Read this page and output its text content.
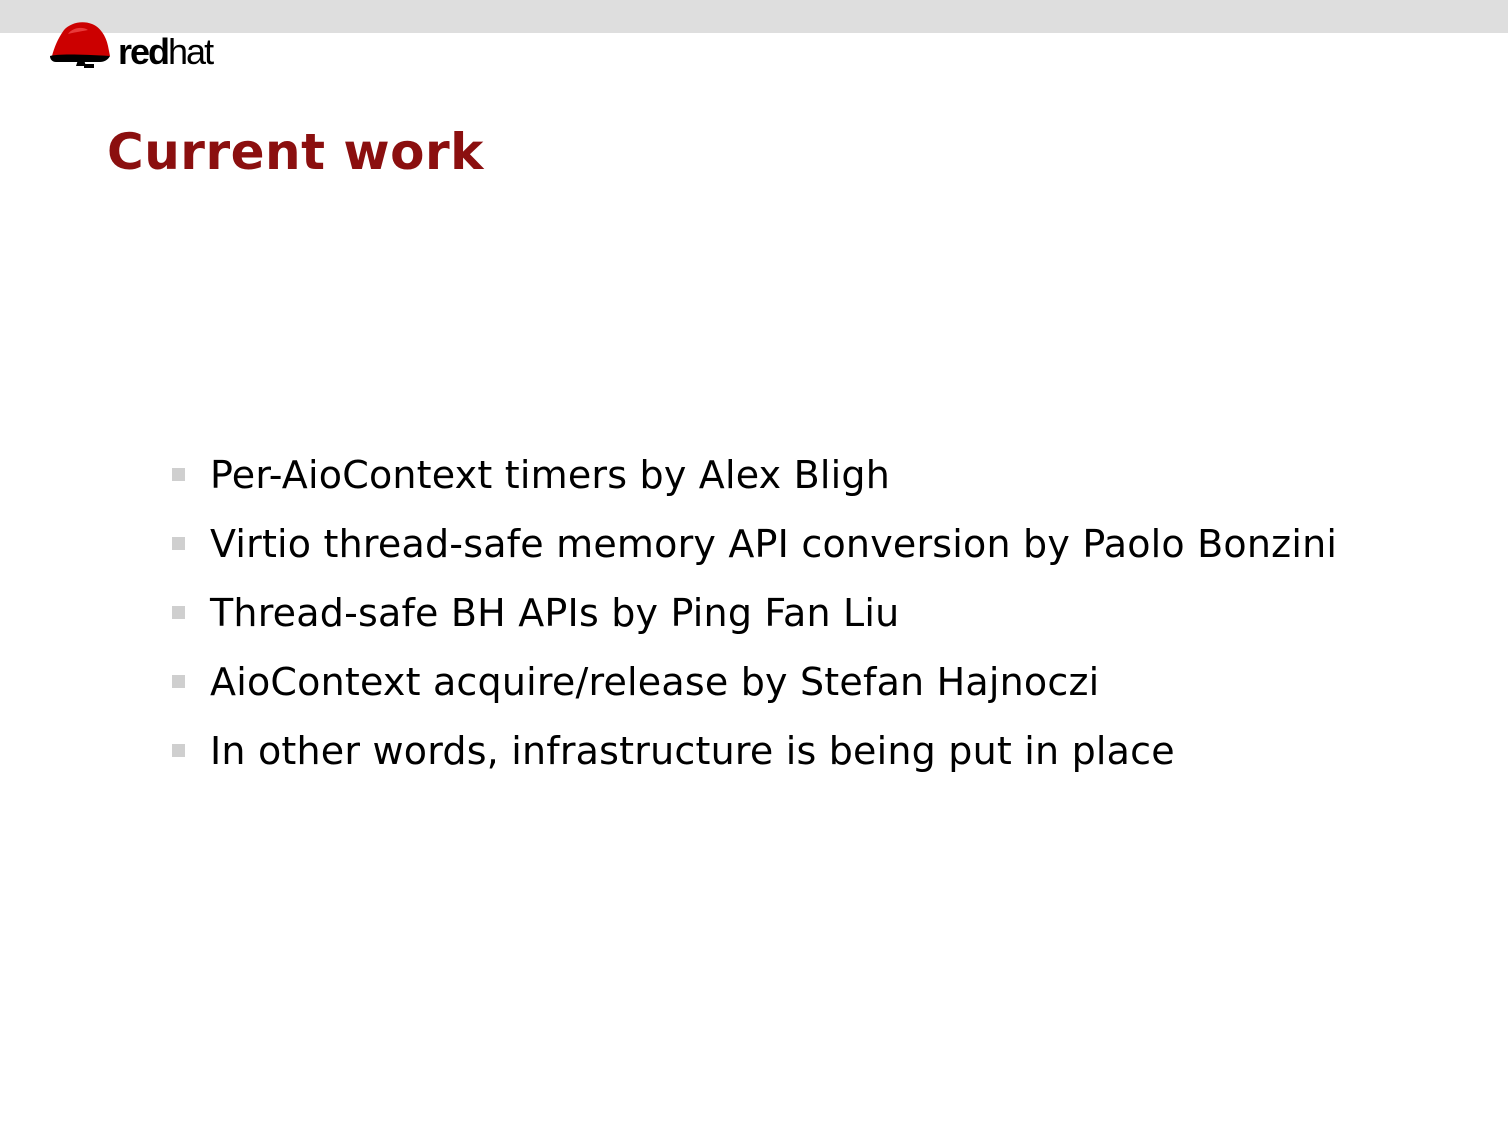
redhat
Current work
Per-AioContext timers by Alex Bligh
Virtio thread-safe memory API conversion by Paolo Bonzini
Thread-safe BH APIs by Ping Fan Liu
AioContext acquire/release by Stefan Hajnoczi
In other words, infrastructure is being put in place
